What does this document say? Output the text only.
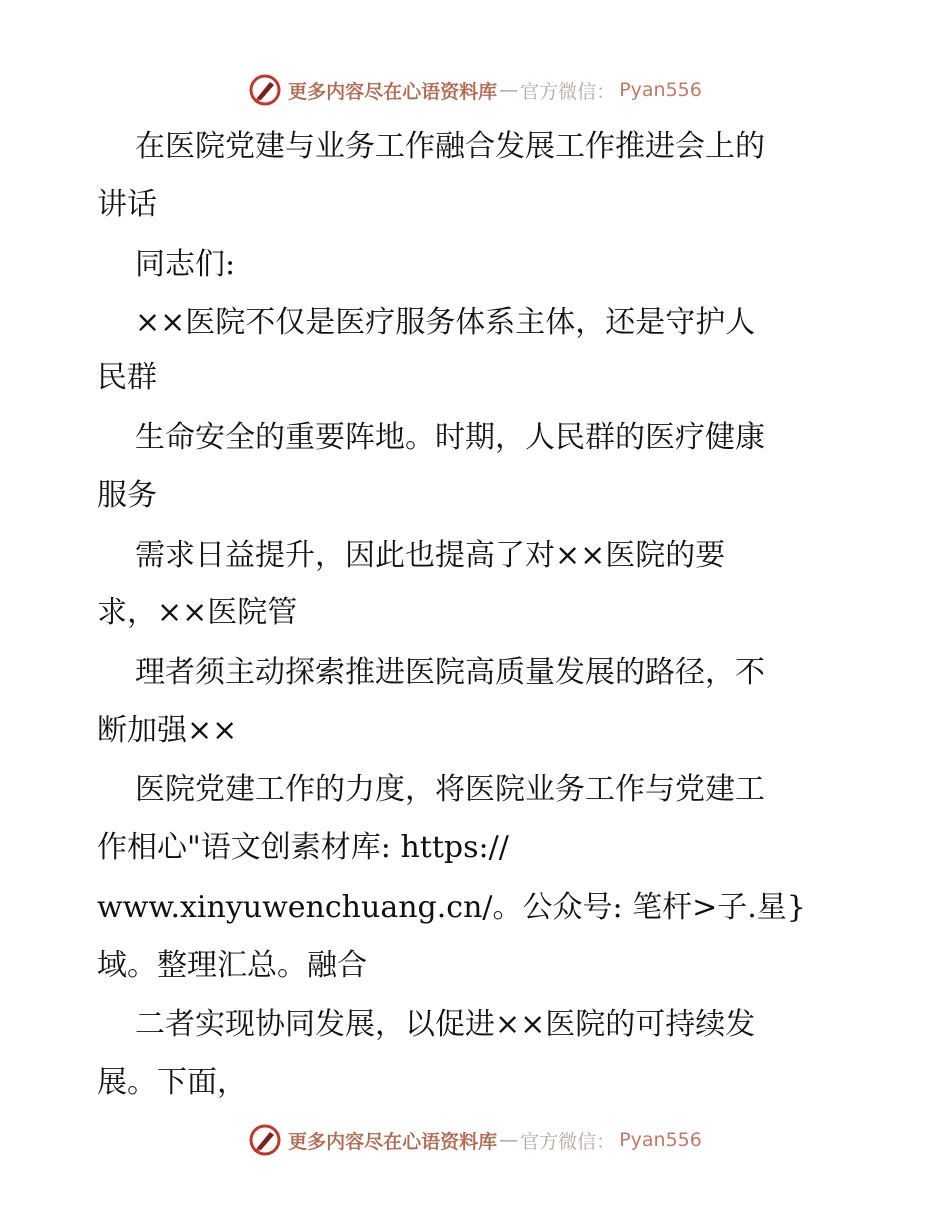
更多内容尽在心语资料库 — 官方微信： Pyan556
在医院党建与业务工作融合发展工作推进会上的
讲话
同志们:
××医院不仅是医疗服务体系主体，还是守护人
民群
生命安全的重要阵地。时期，人民群的医疗健康
服务
需求日益提升，因此也提高了对××医院的要
求，××医院管
理者须主动探索推进医院高质量发展的路径，不
断加强××
医院党建工作的力度，将医院业务工作与党建工
作相心"语文创素材库: https://
www.xinyuwenchuang.cn/。公众号: 笔杆>子.星}
域。整理汇总。融合
二者实现协同发展，以促进××医院的可持续发
展。下面，
更多内容尽在心语资料库 — 官方微信： Pyan556
